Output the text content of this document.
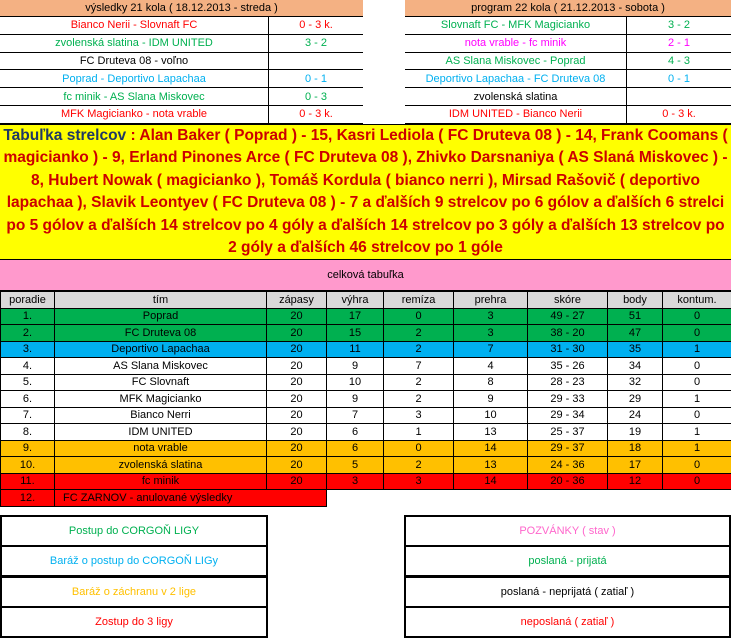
výsledky 21 kola ( 18.12.2013 - streda )
Bianco Nerii - Slovnaft FC	0 - 3 k.
zvolenská slatina - IDM UNITED	3 - 2
FC Druteva 08 - voľno
Poprad - Deportivo Lapachaa	0 - 1
fc minik - AS Slana Miskovec	0 - 3
MFK Magicianko - nota vrable	0 - 3 k.
program 22 kola ( 21.12.2013 - sobota )
Slovnaft FC - MFK Magicianko	3 - 2
nota vrable - fc minik	2 - 1
AS Slana Miskovec - Poprad	4 - 3
Deportivo Lapachaa - FC Druteva 08	0 - 1
zvolenská slatina
IDM UNITED - Bianco Nerii	0 - 3 k.
Tabuľka strelcov : Alan Baker ( Poprad ) - 15, Kasri Lediola ( FC Druteva 08 ) - 14, Frank Coomans ( magicianko ) - 9, Erland Pinones Arce ( FC Druteva 08 ), Zhivko Darsnaniya ( AS Slaná Miskovec ) - 8, Hubert Nowak ( magicianko ), Tomáš Kordula ( bianco nerri ), Mirsad Rašovič ( deportivo lapachaa ), Slavik Leontyev ( FC Druteva 08 ) - 7 a ďalších 9 strelcov po 6 gólov a ďalších 6 strelci po 5 gólov a ďalších 14 strelcov po 4 góly a ďalších 14 strelcov po 3 góly a ďalších 13 strelcov po 2 góly a ďalších 46 strelcov po 1 góle
celková tabuľka
poradie	tím	zápasy	výhra	remíza	prehra	skóre	body	kontum.
1.	Poprad	20	17	0	3	49 - 27	51	0
2.	FC Druteva 08	20	15	2	3	38 - 20	47	0
3.	Deportivo Lapachaa	20	11	2	7	31 - 30	35	1
4.	AS Slana Miskovec	20	9	7	4	35 - 26	34	0
5.	FC Slovnaft	20	10	2	8	28 - 23	32	0
6.	MFK Magicianko	20	9	2	9	29 - 33	29	1
7.	Bianco Nerri	20	7	3	10	29 - 34	24	0
8.	IDM UNITED	20	6	1	13	25 - 37	19	1
9.	nota vrable	20	6	0	14	29 - 37	18	1
10.	zvolenská slatina	20	5	2	13	24 - 36	17	0
11.	fc minik	20	3	3	14	20 - 36	12	0
12.	FC ZARNOV - anulované výsledky							
Postup do CORGOŇ LIGY
Baráž o postup do CORGOŇ LIGy
Baráž o záchranu v 2 lige
Zostup do 3 ligy
POZVÁNKY ( stav )
poslaná - prijatá
poslaná - neprijatá ( zatiaľ )
neposlaná ( zatiaľ )
